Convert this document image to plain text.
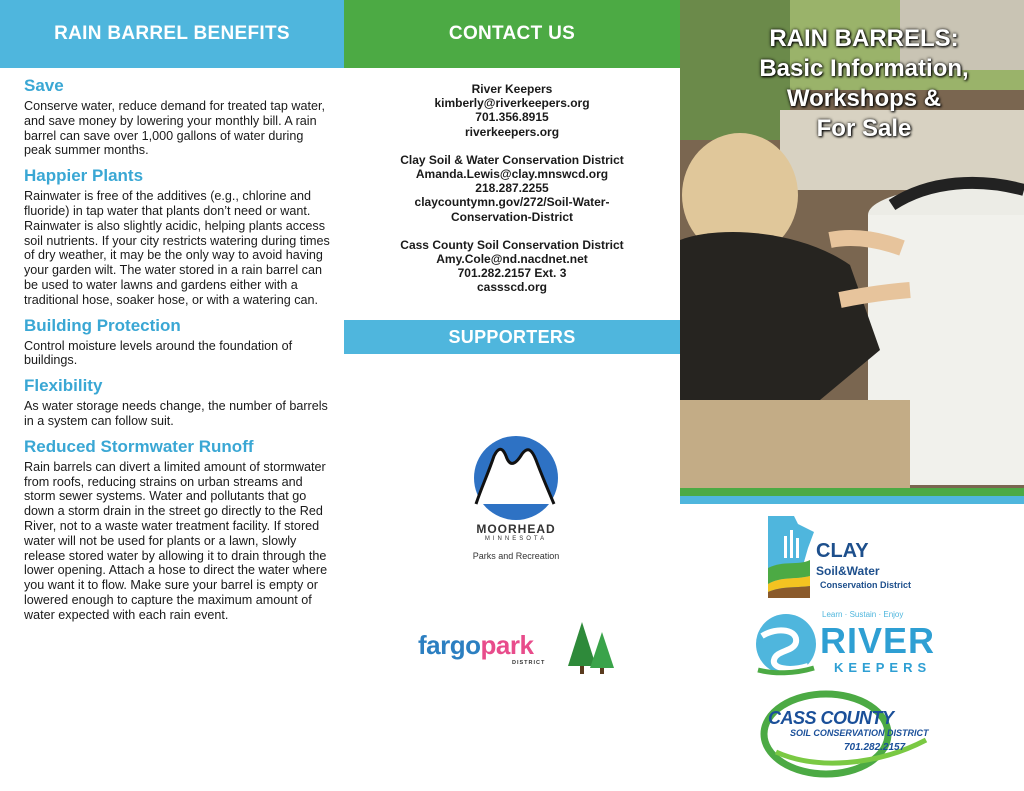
RAIN BARREL BENEFITS
Save
Conserve water, reduce demand for treated tap water, and save money by lowering your monthly bill. A rain barrel can save over 1,000 gallons of water during peak summer months.
Happier Plants
Rainwater is free of the additives (e.g., chlorine and fluoride) in tap water that plants don’t need or want. Rainwater is also slightly acidic, helping plants access soil nutrients. If your city restricts watering during times of dry weather, it may be the only way to avoid having your garden wilt. The water stored in a rain barrel can be used to water lawns and gardens either with a traditional hose, soaker hose, or with a watering can.
Building Protection
Control moisture levels around the foundation of buildings.
Flexibility
As water storage needs change, the number of barrels in a system can follow suit.
Reduced Stormwater Runoff
Rain barrels can divert a limited amount of stormwater from roofs, reducing strains on urban streams and storm sewer systems. Water and pollutants that go down a storm drain in the street go directly to the Red River, not to a waste water treatment facility. If stored water will not be used for plants or a lawn, slowly release stored water by allowing it to drain through the lower opening. Attach a hose to direct the water where you want it to flow. Make sure your barrel is empty or lowered enough to capture the maximum amount of water expected with each rain event.
CONTACT US
River Keepers
kimberly@riverkeepers.org
701.356.8915
riverkeepers.org
Clay Soil & Water Conservation District
Amanda.Lewis@clay.mnswcd.org
218.287.2255
claycountymn.gov/272/Soil-Water-
Conservation-District
Cass County Soil Conservation District
Amy.Cole@nd.nacdnet.net
701.282.2157 Ext. 3
cassscd.org
SUPPORTERS
MOORHEAD
MINNESOTA
Parks and Recreation
fargopark
DISTRICT
RAIN BARRELS:
Basic Information,
Workshops &
For Sale
CLAY
Soil&Water
Conservation District
Learn · Sustain · Enjoy
RIVER
KEEPERS
CASS COUNTY
SOIL CONSERVATION DISTRICT
701.282.2157
